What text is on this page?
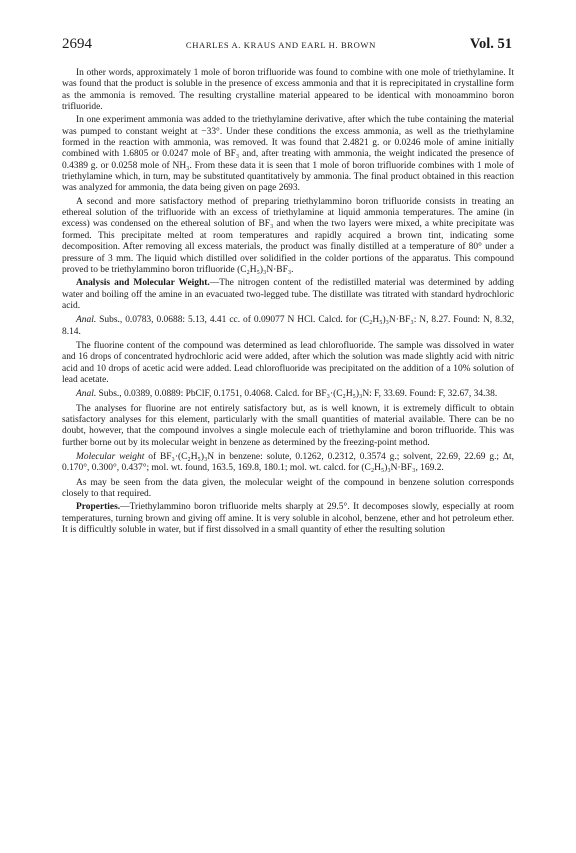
2694	CHARLES A. KRAUS AND EARL H. BROWN	Vol. 51

In other words, approximately 1 mole of boron trifluoride was found to combine with one mole of triethylamine. It was found that the product is soluble in the presence of excess ammonia and that it is reprecipitated in crystalline form as the ammonia is removed. The resulting crystalline material appeared to be identical with monoammino boron trifluoride.

In one experiment ammonia was added to the triethylamine derivative, after which the tube containing the material was pumped to constant weight at −33°. Under these conditions the excess ammonia, as well as the triethylamine formed in the reaction with ammonia, was removed. It was found that 2.4821 g. or 0.0246 mole of amine initially combined with 1.6805 or 0.0247 mole of BF₃ and, after treating with ammonia, the weight indicated the presence of 0.4389 g. or 0.0258 mole of NH₃. From these data it is seen that 1 mole of boron trifluoride combines with 1 mole of triethylamine which, in turn, may be substituted quantitatively by ammonia. The final product obtained in this reaction was analyzed for ammonia, the data being given on page 2693.

A second and more satisfactory method of preparing triethylammino boron trifluoride consists in treating an ethereal solution of the trifluoride with an excess of triethylamine at liquid ammonia temperatures. The amine (in excess) was condensed on the ethereal solution of BF₃ and when the two layers were mixed, a white precipitate was formed. This precipitate melted at room temperatures and rapidly acquired a brown tint, indicating some decomposition. After removing all excess materials, the product was finally distilled at a temperature of 80° under a pressure of 3 mm. The liquid which distilled over solidified in the colder portions of the apparatus. This compound proved to be triethylammino boron trifluoride (C₂H₅)₃N·BF₃.

Analysis and Molecular Weight.—The nitrogen content of the redistilled material was determined by adding water and boiling off the amine in an evacuated two-legged tube. The distillate was titrated with standard hydrochloric acid.

Anal. Subs., 0.0783, 0.0688: 5.13, 4.41 cc. of 0.09077 N HCl. Calcd. for (C₂H₅)₃N·BF₃: N, 8.27. Found: N, 8.32, 8.14.

The fluorine content of the compound was determined as lead chlorofluoride. The sample was dissolved in water and 16 drops of concentrated hydrochloric acid were added, after which the solution was made slightly acid with nitric acid and 10 drops of acetic acid were added. Lead chlorofluoride was precipitated on the addition of a 10% solution of lead acetate.

Anal. Subs., 0.0389, 0.0889: PbClF, 0.1751, 0.4068. Calcd. for BF₃·(C₂H₅)₃N: F, 33.69. Found: F, 32.67, 34.38.

The analyses for fluorine are not entirely satisfactory but, as is well known, it is extremely difficult to obtain satisfactory analyses for this element, particularly with the small quantities of material available. There can be no doubt, however, that the compound involves a single molecule each of triethylamine and boron trifluoride. This was further borne out by its molecular weight in benzene as determined by the freezing-point method.

Molecular weight of BF₃·(C₂H₅)₃N in benzene: solute, 0.1262, 0.2312, 0.3574 g.; solvent, 22.69, 22.69 g.; Δt, 0.170°, 0.300°, 0.437°; mol. wt. found, 163.5, 169.8, 180.1; mol. wt. calcd. for (C₂H₅)₃N·BF₃, 169.2.

As may be seen from the data given, the molecular weight of the compound in benzene solution corresponds closely to that required.

Properties.—Triethylammino boron trifluoride melts sharply at 29.5°. It decomposes slowly, especially at room temperatures, turning brown and giving off amine. It is very soluble in alcohol, benzene, ether and hot petroleum ether. It is difficultly soluble in water, but if first dissolved in a small quantity of ether the resulting solution
